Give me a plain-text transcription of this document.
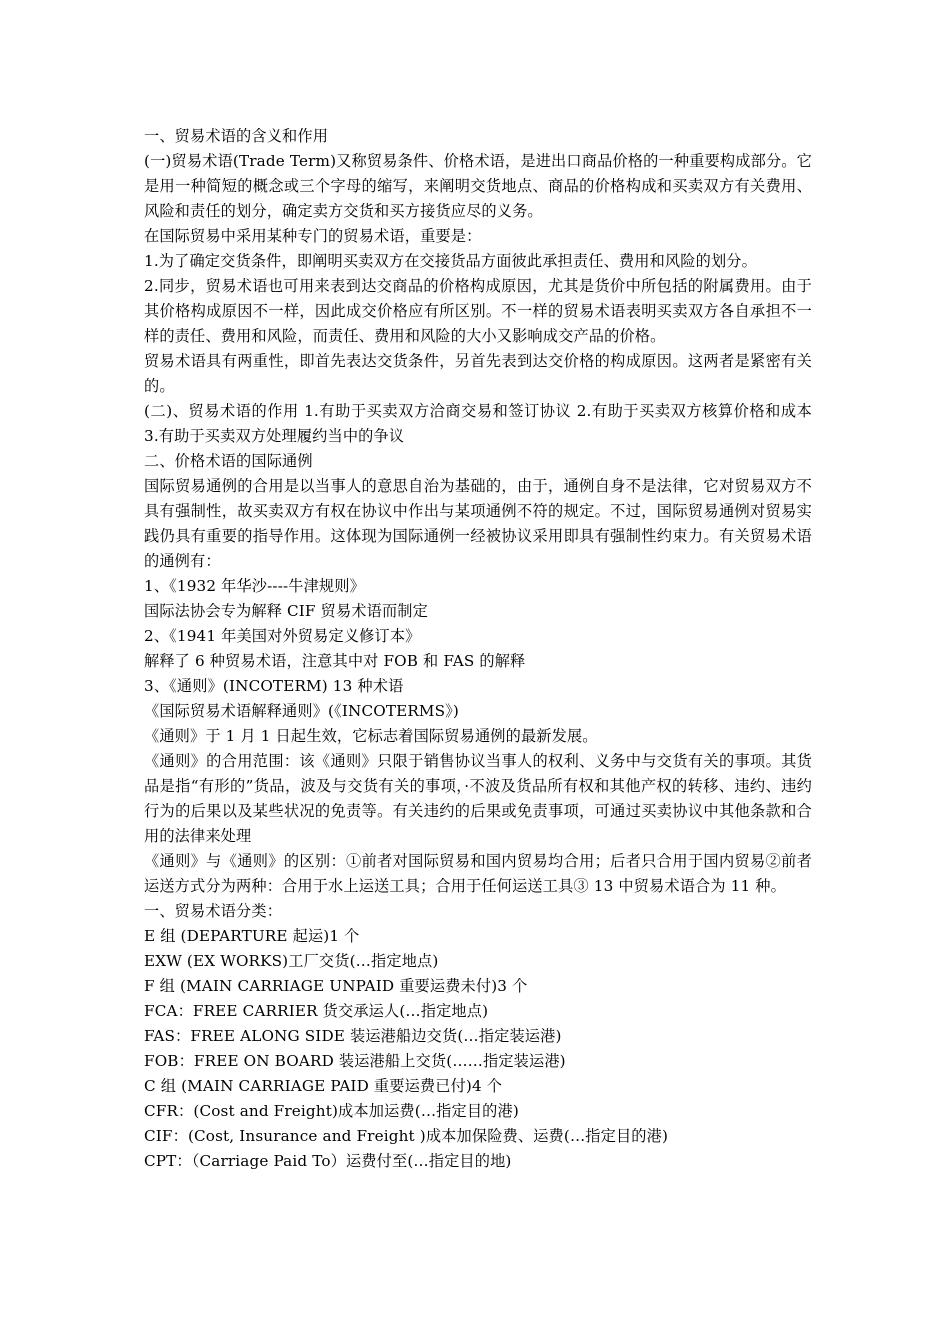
一、贸易术语的含义和作用

(一)贸易术语(Trade Term)又称贸易条件、价格术语，是进出口商品价格的一种重要构成部分。它是用一种简短的概念或三个字母的缩写，来阐明交货地点、商品的价格构成和买卖双方有关费用、风险和责任的划分，确定卖方交货和买方接货应尽的义务。

在国际贸易中采用某种专门的贸易术语，重要是：

1.为了确定交货条件，即阐明买卖双方在交接货品方面彼此承担责任、费用和风险的划分。

2.同步，贸易术语也可用来表到达交商品的价格构成原因，尤其是货价中所包括的附属费用。由于其价格构成原因不一样，因此成交价格应有所区别。不一样的贸易术语表明买卖双方各自承担不一样的责任、费用和风险，而责任、费用和风险的大小又影响成交产品的价格。

贸易术语具有两重性，即首先表达交货条件，另首先表到达交价格的构成原因。这两者是紧密有关的。

(二)、贸易术语的作用 1.有助于买卖双方洽商交易和签订协议 2.有助于买卖双方核算价格和成本 3.有助于买卖双方处理履约当中的争议

二、价格术语的国际通例

国际贸易通例的合用是以当事人的意思自治为基础的，由于，通例自身不是法律，它对贸易双方不具有强制性，故买卖双方有权在协议中作出与某项通例不符的规定。不过，国际贸易通例对贸易实践仍具有重要的指导作用。这体现为国际通例一经被协议采用即具有强制性约束力。有关贸易术语的通例有：

1、《1932 年华沙----牛津规则》

国际法协会专为解释 CIF 贸易术语而制定

2、《1941 年美国对外贸易定义修订本》

解释了 6 种贸易术语，注意其中对 FOB 和 FAS 的解释

3、《通则》(INCOTERM) 13 种术语

《国际贸易术语解释通则》(《INCOTERMS》)

《通则》于 1 月 1 日起生效，它标志着国际贸易通例的最新发展。

《通则》的合用范围：该《通则》只限于销售协议当事人的权利、义务中与交货有关的事项。其货品是指“有形的”货品，波及与交货有关的事项，·不波及货品所有权和其他产权的转移、违约、违约行为的后果以及某些状况的免责等。有关违约的后果或免责事项，可通过买卖协议中其他条款和合用的法律来处理

《通则》与《通则》的区别：①前者对国际贸易和国内贸易均合用；后者只合用于国内贸易②前者运送方式分为两种：合用于水上运送工具；合用于任何运送工具③ 13 中贸易术语合为 11 种。

一、贸易术语分类：

E 组 (DEPARTURE 起运)1 个

EXW (EX WORKS)工厂交货(…指定地点)

F 组 (MAIN CARRIAGE UNPAID 重要运费未付)3 个

FCA：FREE CARRIER 货交承运人(…指定地点)

FAS：FREE ALONG SIDE 装运港船边交货(…指定装运港)

FOB：FREE ON BOARD 装运港船上交货(……指定装运港)

C 组 (MAIN CARRIAGE PAID 重要运费已付)4 个

CFR：(Cost and Freight)成本加运费(…指定目的港)

CIF：(Cost, Insurance and Freight )成本加保险费、运费(…指定目的港)

CPT：（Carriage Paid To）运费付至(…指定目的地)
